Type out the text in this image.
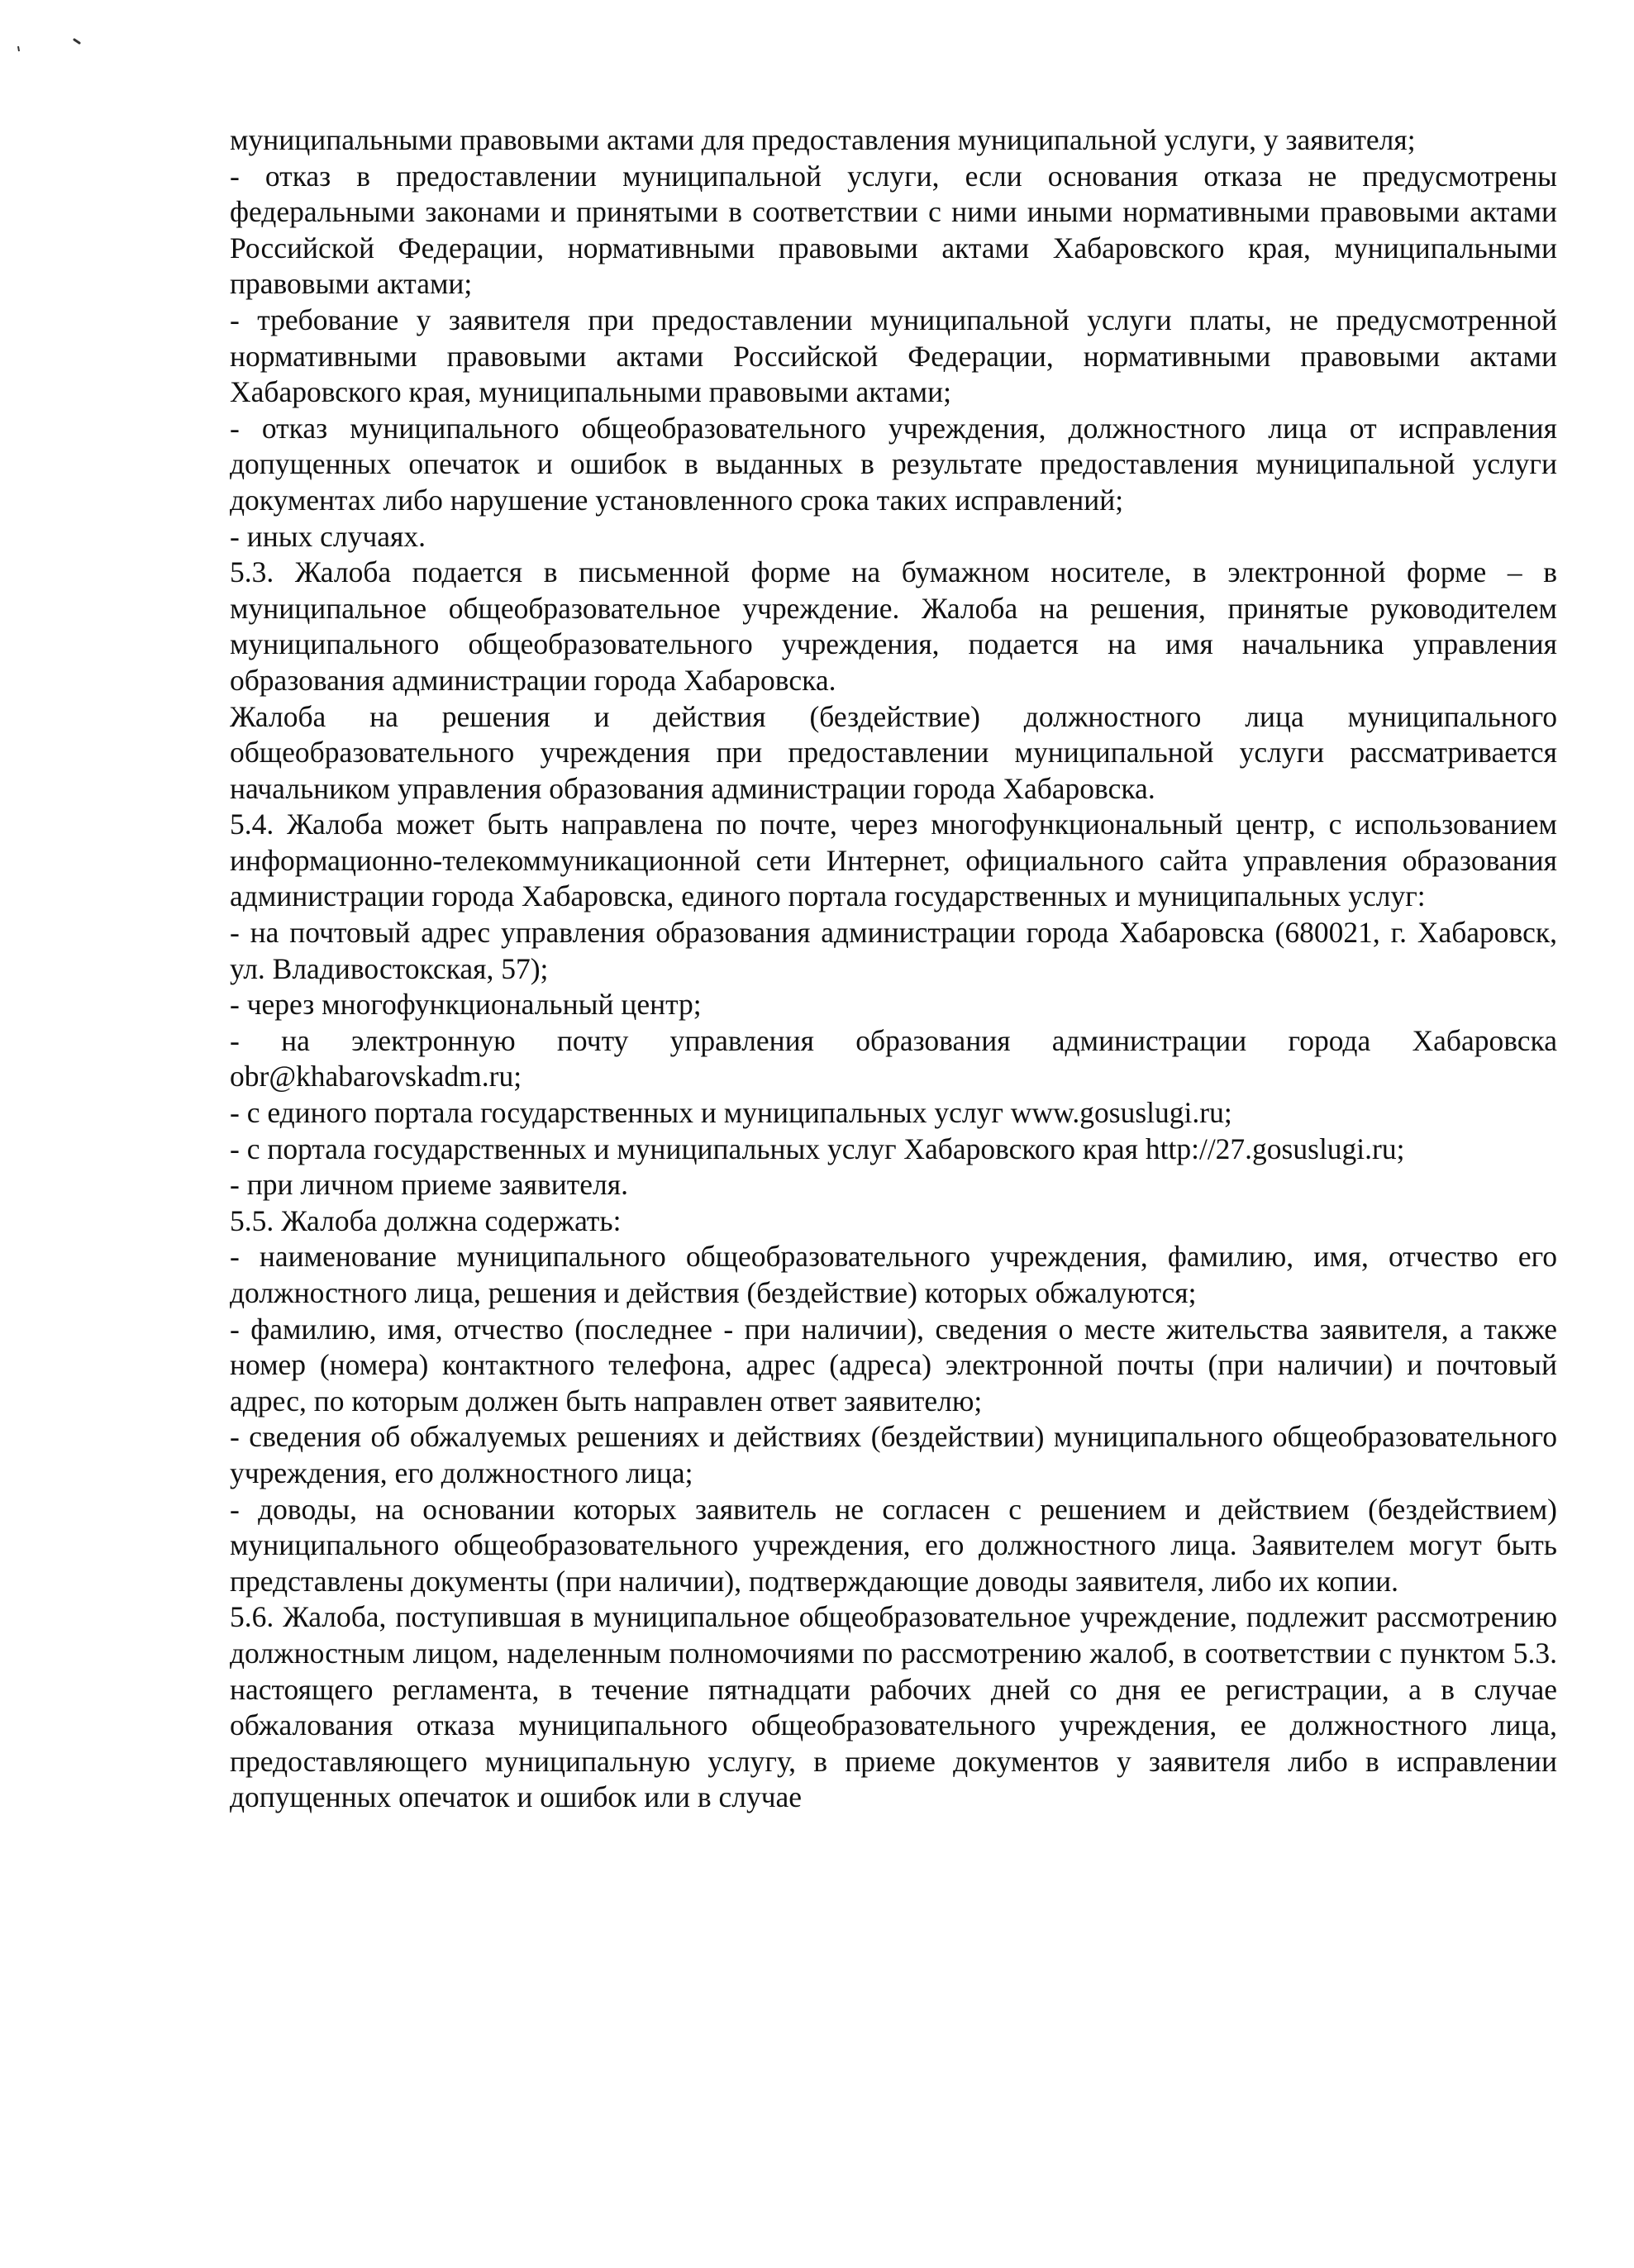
муниципальными правовыми актами для предоставления муниципальной услуги, у заявителя;

- отказ в предоставлении муниципальной услуги, если основания отказа не предусмотрены федеральными законами и принятыми в соответствии с ними иными нормативными правовыми актами Российской Федерации, нормативными правовыми актами Хабаровского края, муниципальными правовыми актами;

- требование у заявителя при предоставлении муниципальной услуги платы, не предусмотренной нормативными правовыми актами Российской Федерации, нормативными правовыми актами Хабаровского края, муниципальными правовыми актами;

- отказ муниципального общеобразовательного учреждения, должностного лица от исправления допущенных опечаток и ошибок в выданных в результате предоставления муниципальной услуги документах либо нарушение установленного срока таких исправлений;

- иных случаях.

5.3. Жалоба подается в письменной форме на бумажном носителе, в электронной форме – в муниципальное общеобразовательное учреждение. Жалоба на решения, принятые руководителем муниципального общеобразовательного учреждения, подается на имя начальника управления образования администрации города Хабаровска.

Жалоба на решения и действия (бездействие) должностного лица муниципального общеобразовательного учреждения при предоставлении муниципальной услуги рассматривается начальником управления образования администрации города Хабаровска.

5.4. Жалоба может быть направлена по почте, через многофункциональный центр, с использованием информационно-телекоммуникационной сети Интернет, официального сайта управления образования администрации города Хабаровска, единого портала государственных и муниципальных услуг:

- на почтовый адрес управления образования администрации города Хабаровска (680021, г. Хабаровск, ул. Владивостокская, 57);

- через многофункциональный центр;

- на электронную почту управления образования администрации города Хабаровска obr@khabarovskadm.ru;

- с единого портала государственных и муниципальных услуг www.gosuslugi.ru;

- с портала государственных и муниципальных услуг Хабаровского края http://27.gosuslugi.ru;

- при личном приеме заявителя.

5.5. Жалоба должна содержать:

- наименование муниципального общеобразовательного учреждения, фамилию, имя, отчество его должностного лица, решения и действия (бездействие) которых обжалуются;

- фамилию, имя, отчество (последнее - при наличии), сведения о месте жительства заявителя, а также номер (номера) контактного телефона, адрес (адреса) электронной почты (при наличии) и почтовый адрес, по которым должен быть направлен ответ заявителю;

- сведения об обжалуемых решениях и действиях (бездействии) муниципального общеобразовательного учреждения, его должностного лица;

- доводы, на основании которых заявитель не согласен с решением и действием (бездействием) муниципального общеобразовательного учреждения, его должностного лица. Заявителем могут быть представлены документы (при наличии), подтверждающие доводы заявителя, либо их копии.

5.6. Жалоба, поступившая в муниципальное общеобразовательное учреждение, подлежит рассмотрению должностным лицом, наделенным полномочиями по рассмотрению жалоб, в соответствии с пунктом 5.3. настоящего регламента, в течение пятнадцати рабочих дней со дня ее регистрации, а в случае обжалования отказа муниципального общеобразовательного учреждения, ее должностного лица, предоставляющего муниципальную услугу, в приеме документов у заявителя либо в исправлении допущенных опечаток и ошибок или в случае
